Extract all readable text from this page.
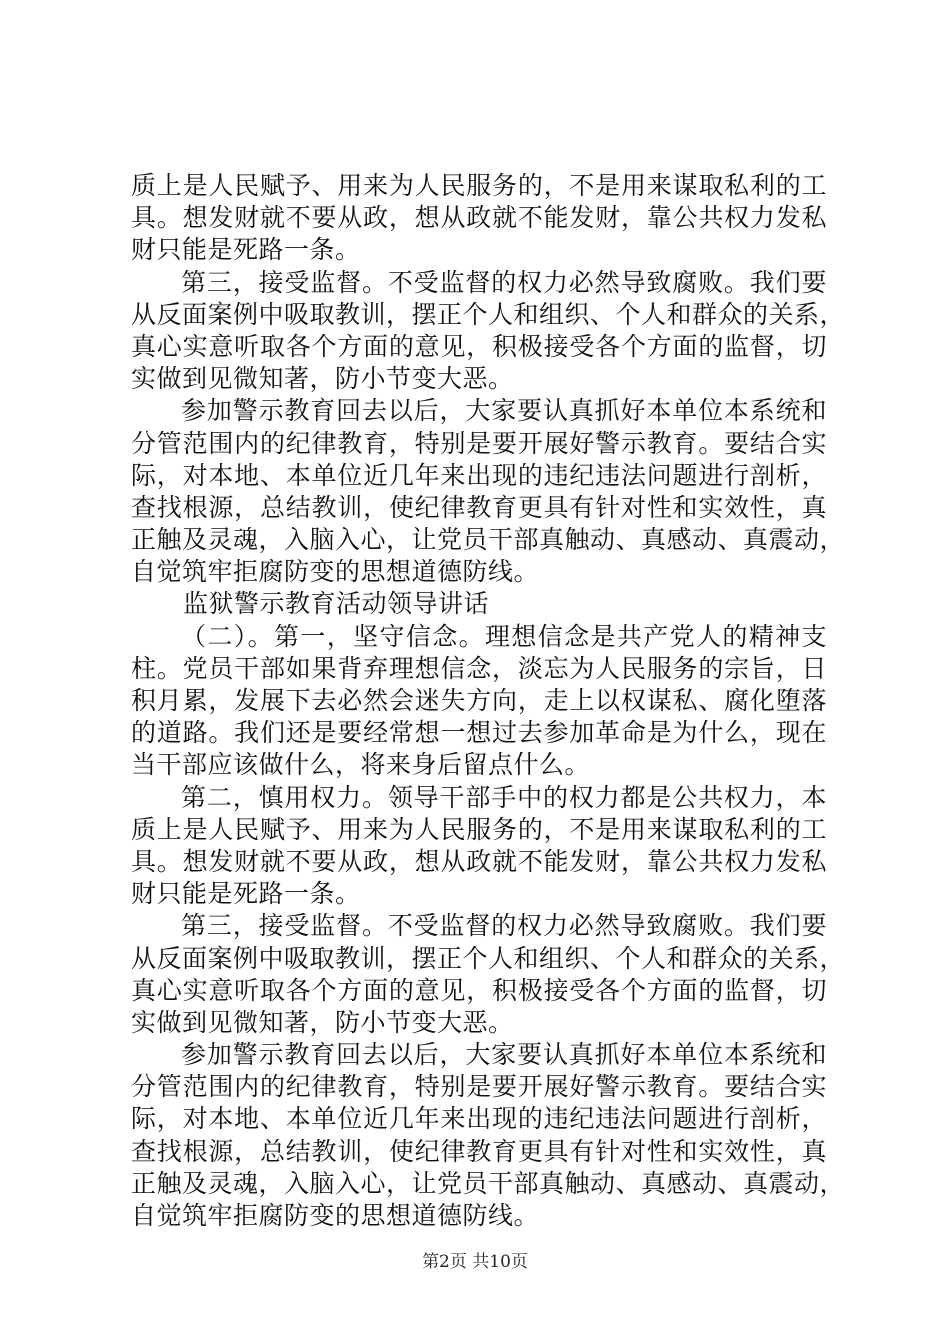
质上是人民赋予、用来为人民服务的，不是用来谋取私利的工
具。想发财就不要从政，想从政就不能发财，靠公共权力发私
财只能是死路一条。
第三，接受监督。不受监督的权力必然导致腐败。我们要
从反面案例中吸取教训，摆正个人和组织、个人和群众的关系，
真心实意听取各个方面的意见，积极接受各个方面的监督，切
实做到见微知著，防小节变大恶。
参加警示教育回去以后，大家要认真抓好本单位本系统和
分管范围内的纪律教育，特别是要开展好警示教育。要结合实
际，对本地、本单位近几年来出现的违纪违法问题进行剖析，
查找根源，总结教训，使纪律教育更具有针对性和实效性，真
正触及灵魂，入脑入心，让党员干部真触动、真感动、真震动，
自觉筑牢拒腐防变的思想道德防线。
监狱警示教育活动领导讲话
（二）。第一，坚守信念。理想信念是共产党人的精神支
柱。党员干部如果背弃理想信念，淡忘为人民服务的宗旨，日
积月累，发展下去必然会迷失方向，走上以权谋私、腐化堕落
的道路。我们还是要经常想一想过去参加革命是为什么，现在
当干部应该做什么，将来身后留点什么。
第二，慎用权力。领导干部手中的权力都是公共权力，本
质上是人民赋予、用来为人民服务的，不是用来谋取私利的工
具。想发财就不要从政，想从政就不能发财，靠公共权力发私
财只能是死路一条。
第三，接受监督。不受监督的权力必然导致腐败。我们要
从反面案例中吸取教训，摆正个人和组织、个人和群众的关系，
真心实意听取各个方面的意见，积极接受各个方面的监督，切
实做到见微知著，防小节变大恶。
参加警示教育回去以后，大家要认真抓好本单位本系统和
分管范围内的纪律教育，特别是要开展好警示教育。要结合实
际，对本地、本单位近几年来出现的违纪违法问题进行剖析，
查找根源，总结教训，使纪律教育更具有针对性和实效性，真
正触及灵魂，入脑入心，让党员干部真触动、真感动、真震动，
自觉筑牢拒腐防变的思想道德防线。
第2页 共10页
